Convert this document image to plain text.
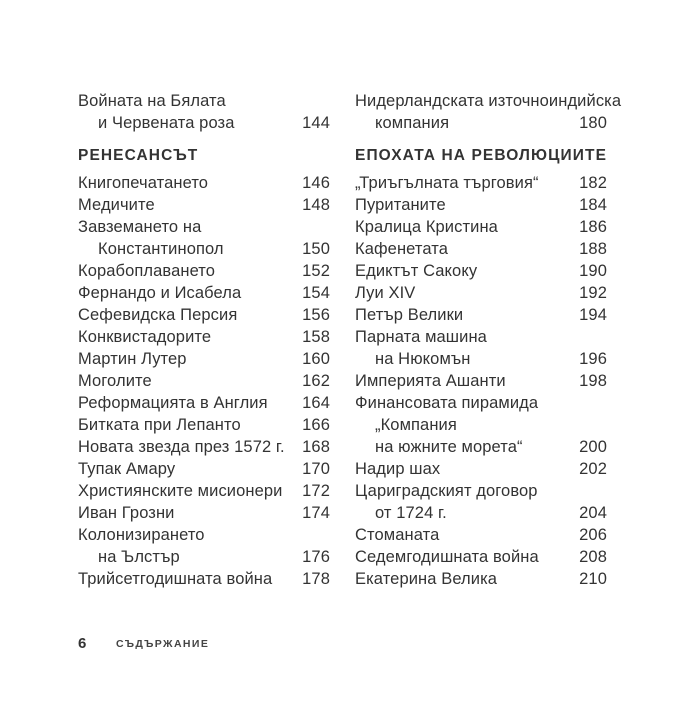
Войната на Бялата
и Червената роза	144
РЕНЕСАНСЪТ
Книгопечатането	146
Медичите	148
Завземането на
Константинопол	150
Корабоплаването	152
Фернандо и Исабела	154
Сефевидска Персия	156
Конквистадорите	158
Мартин Лутер	160
Моголите	162
Реформацията в Англия 164
Битката при Лепанто	166
Новата звезда през 1572 г. 168
Тупак Амару	170
Християнските мисионери 172
Иван Грозни	174
Колонизирането
на Ълстър	176
Трийсетгодишната война 178
Нидерландската източноиндийска
компания	180
ЕПОХАТА НА РЕВОЛЮЦИИТЕ
„Триъгълната търговия“ 182
Пуританите	184
Кралица Кристина	186
Кафенетата	188
Едиктът Сакоку	190
Луи XIV	192
Петър Велики	194
Парната машина
на Нюкомън	196
Империята Ашанти	198
Финансовата пирамида
„Компания
на южните морета“	200
Надир шах	202
Цариградският договор
от 1724 г.	204
Стоманата	206
Седемгодишната война 208
Екатерина Велика	210
6	СЪДЪРЖАНИЕ
